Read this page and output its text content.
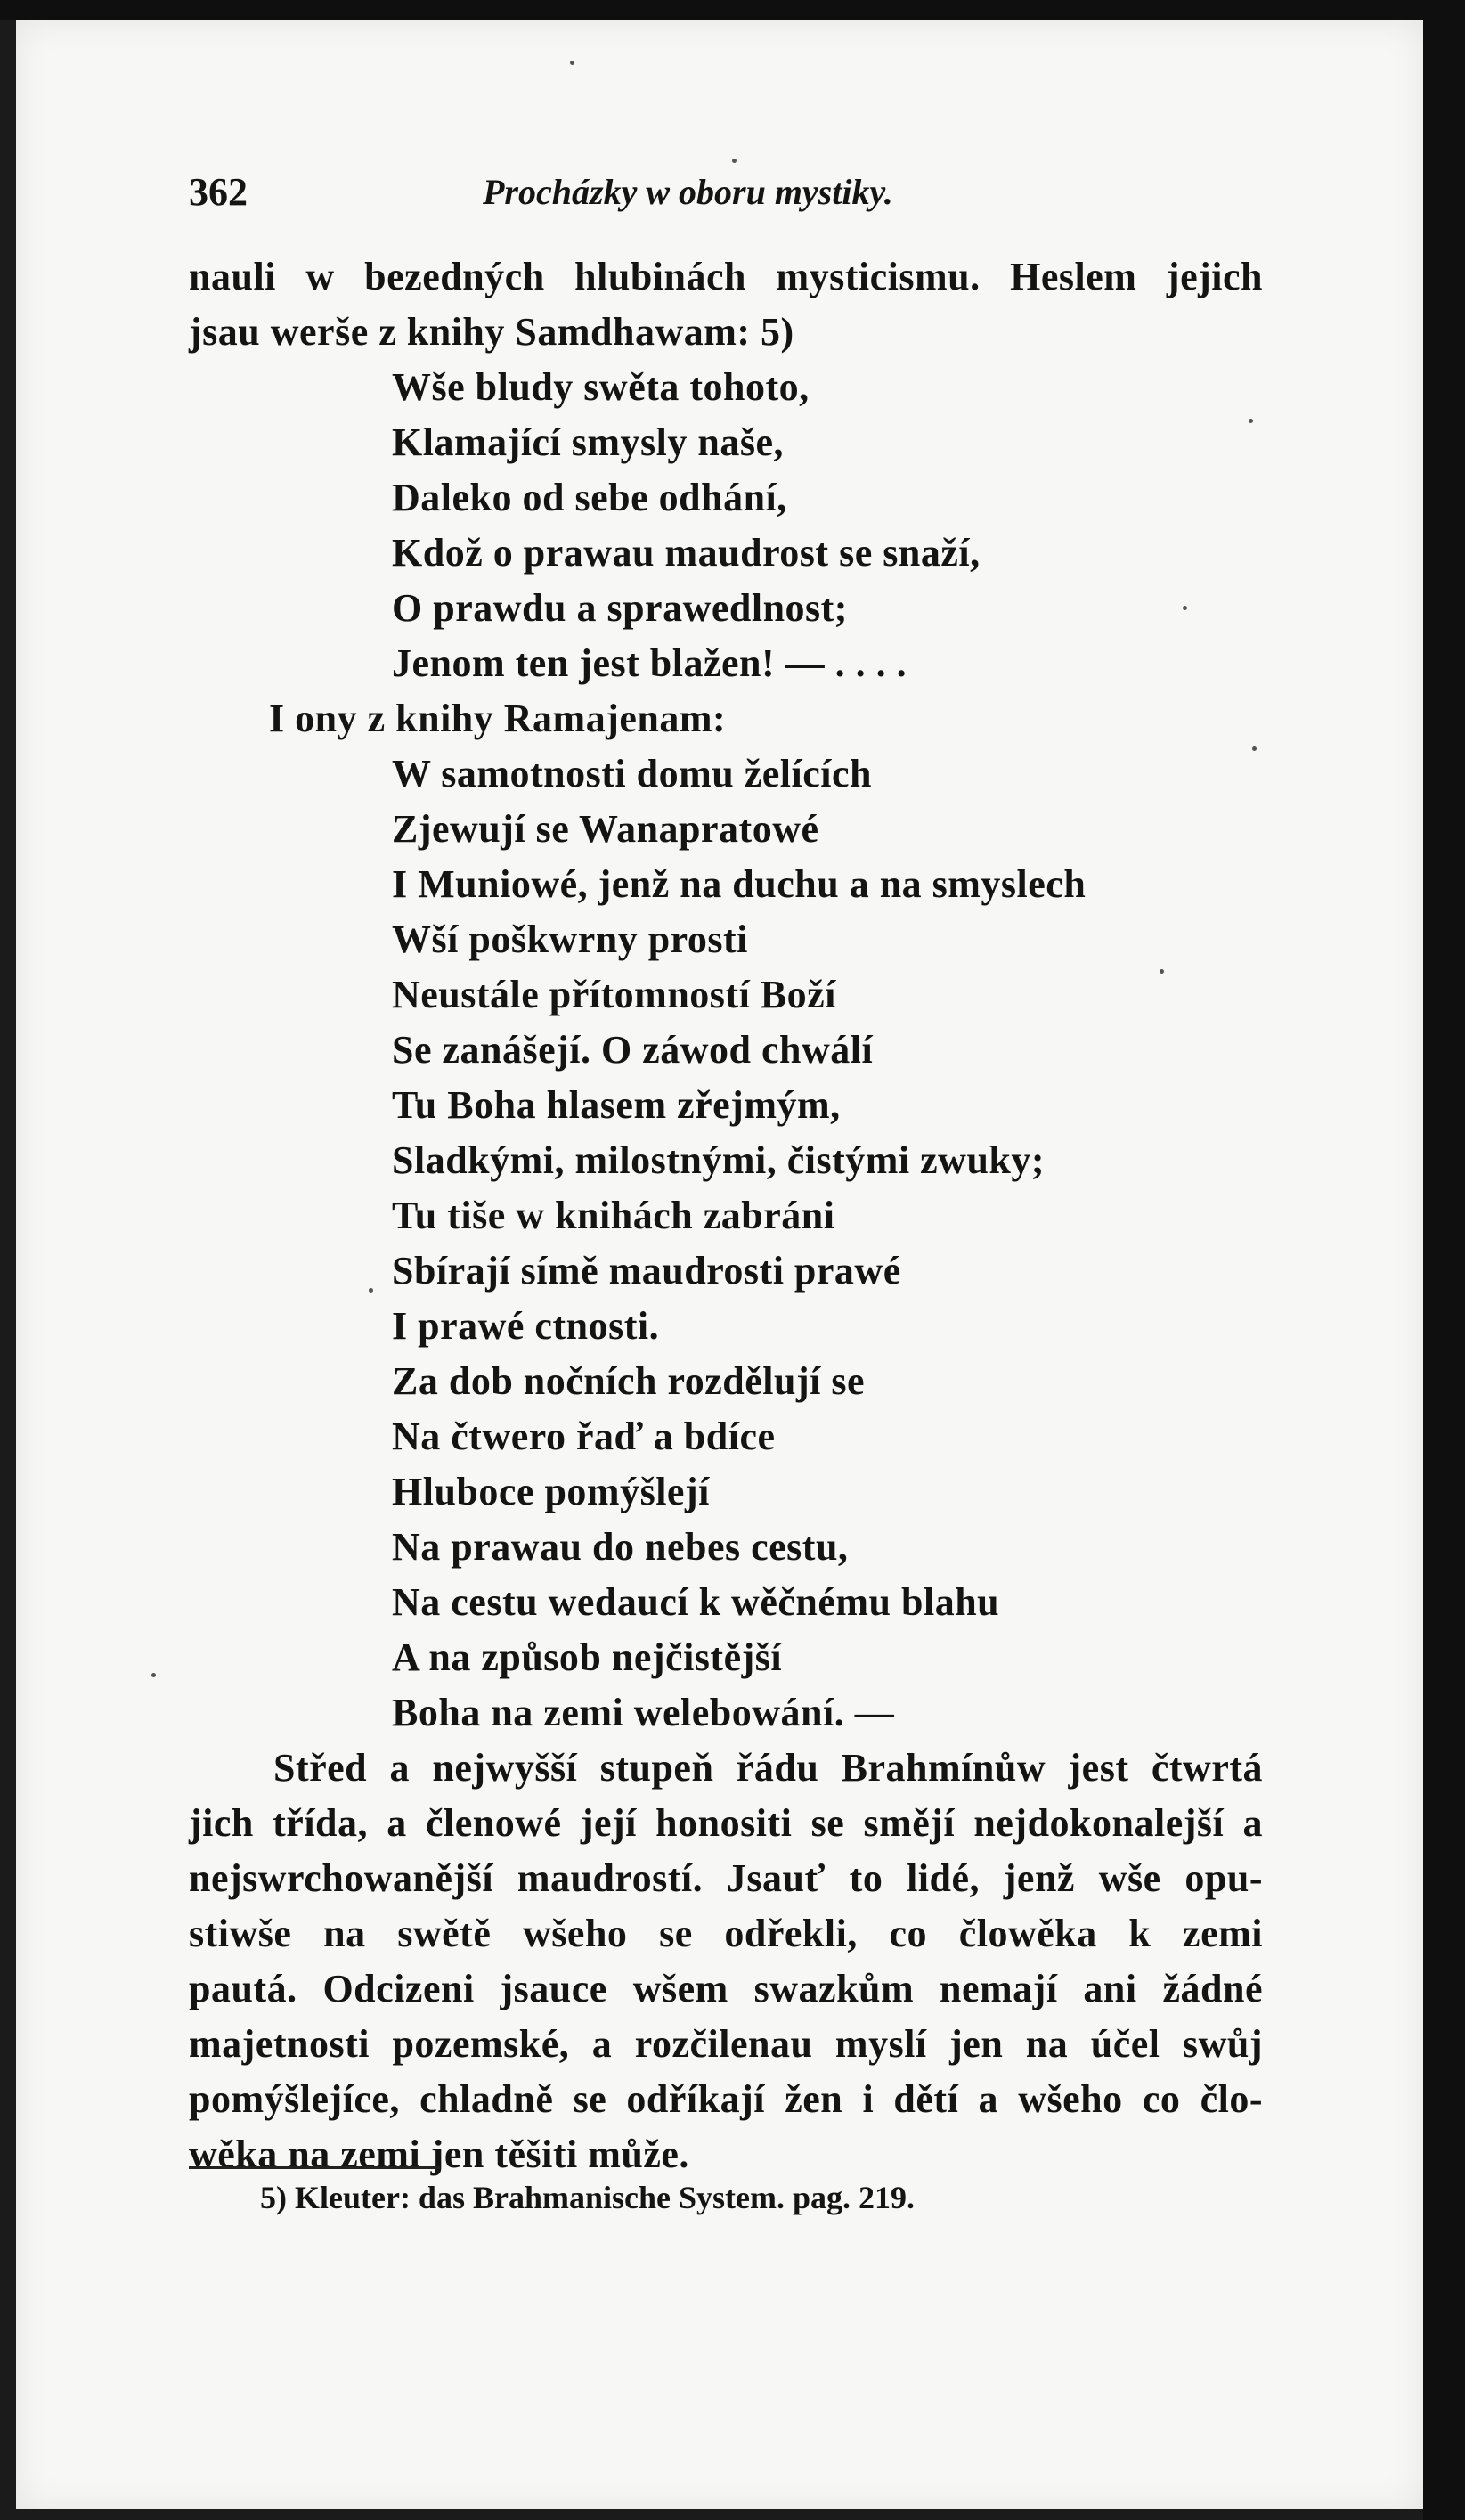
362	Procházky w oboru mystiky.
nauli w bezedných hlubinách mysticismu. Heslem jejich
jsau werše z knihy Samdhawam: 5)
Wše bludy swěta tohoto,
Klamající smysly naše,
Daleko od sebe odhání,
Kdož o prawau maudrost se snaží,
O prawdu a sprawedlnost;
Jenom ten jest blažen! — . . . .
I ony z knihy Ramajenam:
W samotnosti domu želících
Zjewují se Wanapratowé
I Muniowé, jenž na duchu a na smyslech
Wší poškwrny prosti
Neustále přítomností Boží
Se zanášejí. O záwod chwálí
Tu Boha hlasem zřejmým,
Sladkými, milostnými, čistými zwuky;
Tu tiše w knihách zabráni
Sbírají símě maudrosti prawé
I prawé ctnosti.
Za dob nočních rozdělují se
Na čtwero řaď a bdíce
Hluboce pomýšlejí
Na prawau do nebes cestu,
Na cestu wedaucí k wěčnému blahu
A na způsob nejčistější
Boha na zemi welebowání. —
Střed a nejwyšší stupeň řádu Brahmínůw jest čtwrtá
jich třída, a členowé její honositi se smějí nejdokonalejší a
nejswrchowanější maudrostí. Jsauť to lidé, jenž wše opu-
stiwše na swětě wšeho se odřekli, co člowěka k zemi
pautá. Odcizeni jsauce wšem swazkům nemají ani žádné
majetnosti pozemské, a rozčilenau myslí jen na účel swůj
pomýšlejíce, chladně se odříkají žen i dětí a wšeho co člo-
wěka na zemi jen těšiti může.
5) Kleuter: das Brahmanische System. pag. 219.
